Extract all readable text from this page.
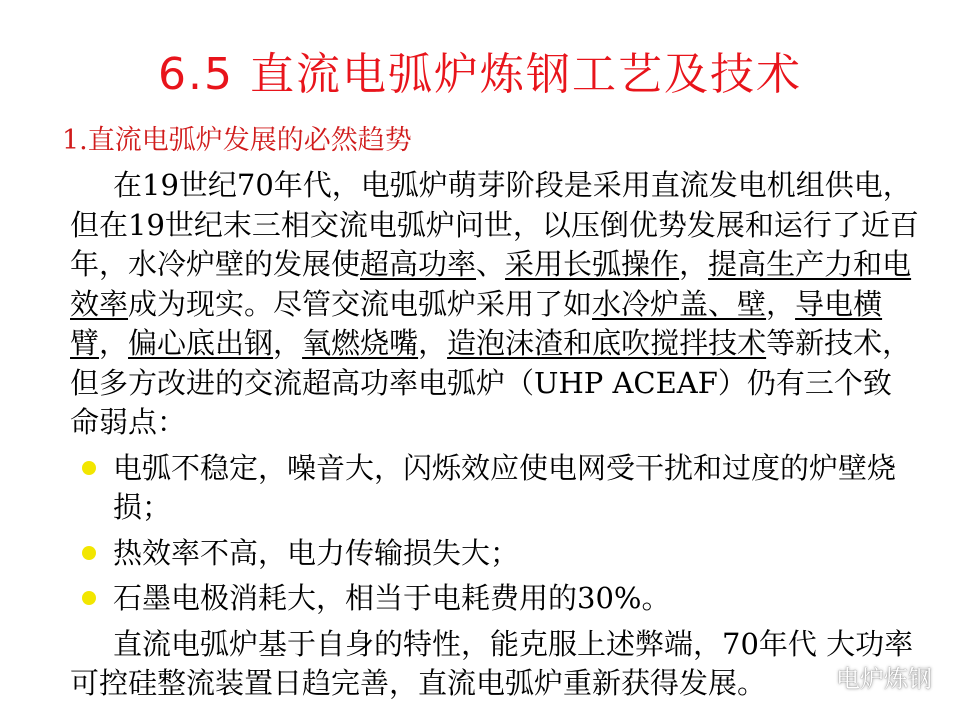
6.5 直流电弧炉炼钢工艺及技术
1.直流电弧炉发展的必然趋势

在19世纪70年代，电弧炉萌芽阶段是采用直流发电机组供电，但在19世纪末三相交流电弧炉问世，以压倒优势发展和运行了近百年，水冷炉壁的发展使超高功率、采用长弧操作，提高生产力和电效率成为现实。尽管交流电弧炉采用了如水冷炉盖、壁，导电横臂，偏心底出钢，氧燃烧嘴，造泡沫渣和底吹搅拌技术等新技术，但多方改进的交流超高功率电弧炉（UHP ACEAF）仍有三个致命弱点：

电弧不稳定，噪音大，闪烁效应使电网受干扰和过度的炉壁烧损；
热效率不高，电力传输损失大；
石墨电极消耗大，相当于电耗费用的30%。

直流电弧炉基于自身的特性，能克服上述弊端，70年代 大功率可控硅整流装置日趋完善，直流电弧炉重新获得发展。	电炉炼钢
